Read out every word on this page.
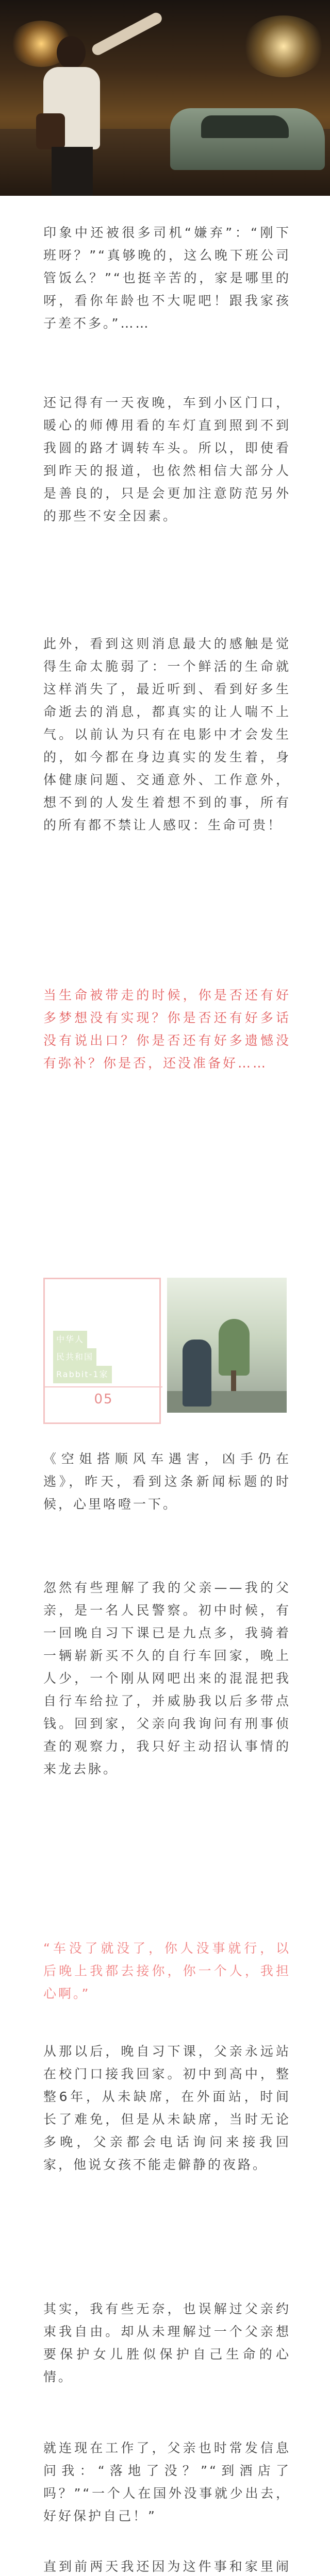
印象中还被很多司机“嫌弃”：“刚下班呀？”“真够晚的，这么晚下班公司管饭么？”“也挺辛苦的，家是哪里的呀，看你年龄也不大呢吧！跟我家孩子差不多。”……
还记得有一天夜晚，车到小区门口，暖心的师傅用看的车灯直到照到不到我圆的路才调转车头。所以，即使看到昨天的报道，也依然相信大部分人是善良的，只是会更加注意防范另外的那些不安全因素。
此外，看到这则消息最大的感触是觉得生命太脆弱了：一个鲜活的生命就这样消失了，最近听到、看到好多生命逝去的消息，都真实的让人喘不上气。以前认为只有在电影中才会发生的，如今都在身边真实的发生着，身体健康问题、交通意外、工作意外，想不到的人发生着想不到的事，所有的所有都不禁让人感叹：生命可贵！
当生命被带走的时候，你是否还有好多梦想没有实现？你是否还有好多话没有说出口？你是否还有好多遗憾没有弥补？你是否，还没准备好……
中华人
民共和国
Rabbit-1家
05
《空姐搭顺风车遇害，凶手仍在逃》，昨天，看到这条新闻标题的时候，心里咯噔一下。
忽然有些理解了我的父亲——我的父亲，是一名人民警察。初中时候，有一回晚自习下课已是九点多，我骑着一辆崭新买不久的自行车回家，晚上人少，一个刚从网吧出来的混混把我自行车给拉了，并威胁我以后多带点钱。回到家，父亲向我询问有刑事侦查的观察力，我只好主动招认事情的来龙去脉。
“车没了就没了，你人没事就行，以后晚上我都去接你，你一个人，我担心啊。”
从那以后，晚自习下课，父亲永远站在校门口接我回家。初中到高中，整整6年，从未缺席，在外面站，时间长了难免，但是从未缺席，当时无论多晚，父亲都会电话询问来接我回家，他说女孩不能走僻静的夜路。
其实，我有些无奈，也误解过父亲约束我自由。却从未理解过一个父亲想要保护女儿胜似保护自己生命的心情。
就连现在工作了，父亲也时常发信息问我：“落地了没？”“到酒店了吗？”“一个人在国外没事就少出去，好好保护自己！”
直到前两天我还因为这件事和家里闹
